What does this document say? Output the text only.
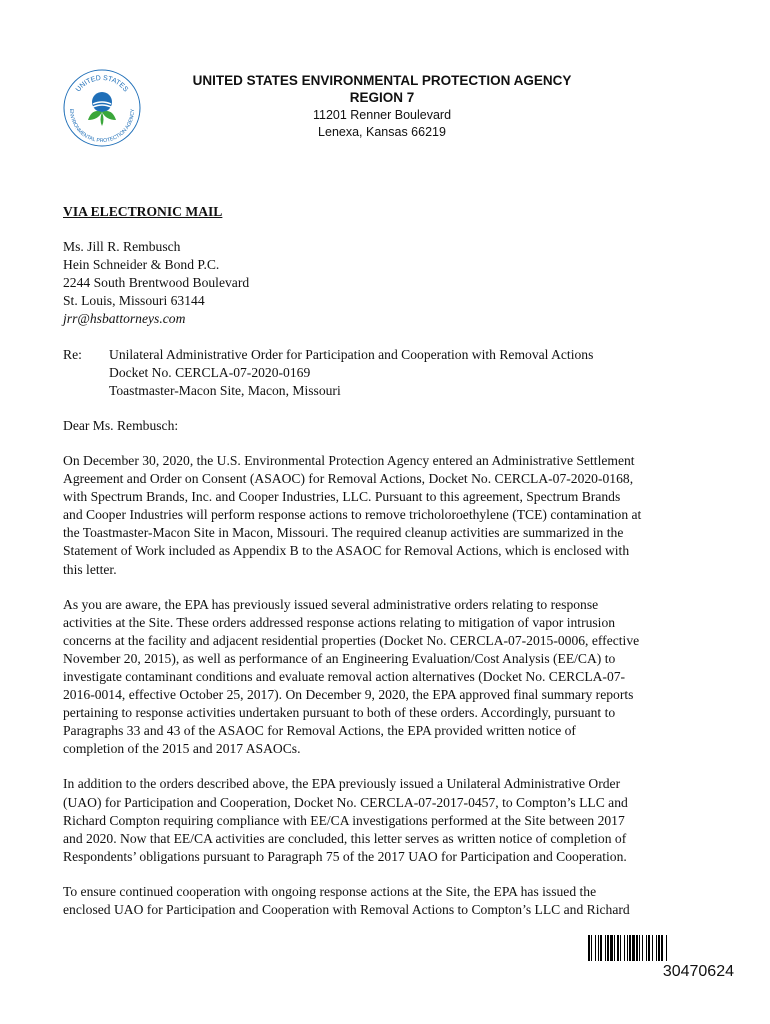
UNITED STATES
ENVIRONMENTAL PROTECTION AGENCY
UNITED STATES ENVIRONMENTAL PROTECTION AGENCY
REGION 7
11201 Renner Boulevard
Lenexa, Kansas 66219
VIA ELECTRONIC MAIL
Ms. Jill R. Rembusch
Hein Schneider & Bond P.C.
2244 South Brentwood Boulevard
St. Louis, Missouri 63144
jrr@hsbattorneys.com
Re:	Unilateral Administrative Order for Participation and Cooperation with Removal Actions
Docket No. CERCLA-07-2020-0169
Toastmaster-Macon Site, Macon, Missouri
Dear Ms. Rembusch:
On December 30, 2020, the U.S. Environmental Protection Agency entered an Administrative Settlement
Agreement and Order on Consent (ASAOC) for Removal Actions, Docket No. CERCLA-07-2020-0168,
with Spectrum Brands, Inc. and Cooper Industries, LLC. Pursuant to this agreement, Spectrum Brands
and Cooper Industries will perform response actions to remove tricholoroethylene (TCE) contamination at
the Toastmaster-Macon Site in Macon, Missouri. The required cleanup activities are summarized in the
Statement of Work included as Appendix B to the ASAOC for Removal Actions, which is enclosed with
this letter.
As you are aware, the EPA has previously issued several administrative orders relating to response
activities at the Site. These orders addressed response actions relating to mitigation of vapor intrusion
concerns at the facility and adjacent residential properties (Docket No. CERCLA-07-2015-0006, effective
November 20, 2015), as well as performance of an Engineering Evaluation/Cost Analysis (EE/CA) to
investigate contaminant conditions and evaluate removal action alternatives (Docket No. CERCLA-07-
2016-0014, effective October 25, 2017). On December 9, 2020, the EPA approved final summary reports
pertaining to response activities undertaken pursuant to both of these orders. Accordingly, pursuant to
Paragraphs 33 and 43 of the ASAOC for Removal Actions, the EPA provided written notice of
completion of the 2015 and 2017 ASAOCs.
In addition to the orders described above, the EPA previously issued a Unilateral Administrative Order
(UAO) for Participation and Cooperation, Docket No. CERCLA-07-2017-0457, to Compton’s LLC and
Richard Compton requiring compliance with EE/CA investigations performed at the Site between 2017
and 2020. Now that EE/CA activities are concluded, this letter serves as written notice of completion of
Respondents’ obligations pursuant to Paragraph 75 of the 2017 UAO for Participation and Cooperation.
To ensure continued cooperation with ongoing response actions at the Site, the EPA has issued the
enclosed UAO for Participation and Cooperation with Removal Actions to Compton’s LLC and Richard
30470624
